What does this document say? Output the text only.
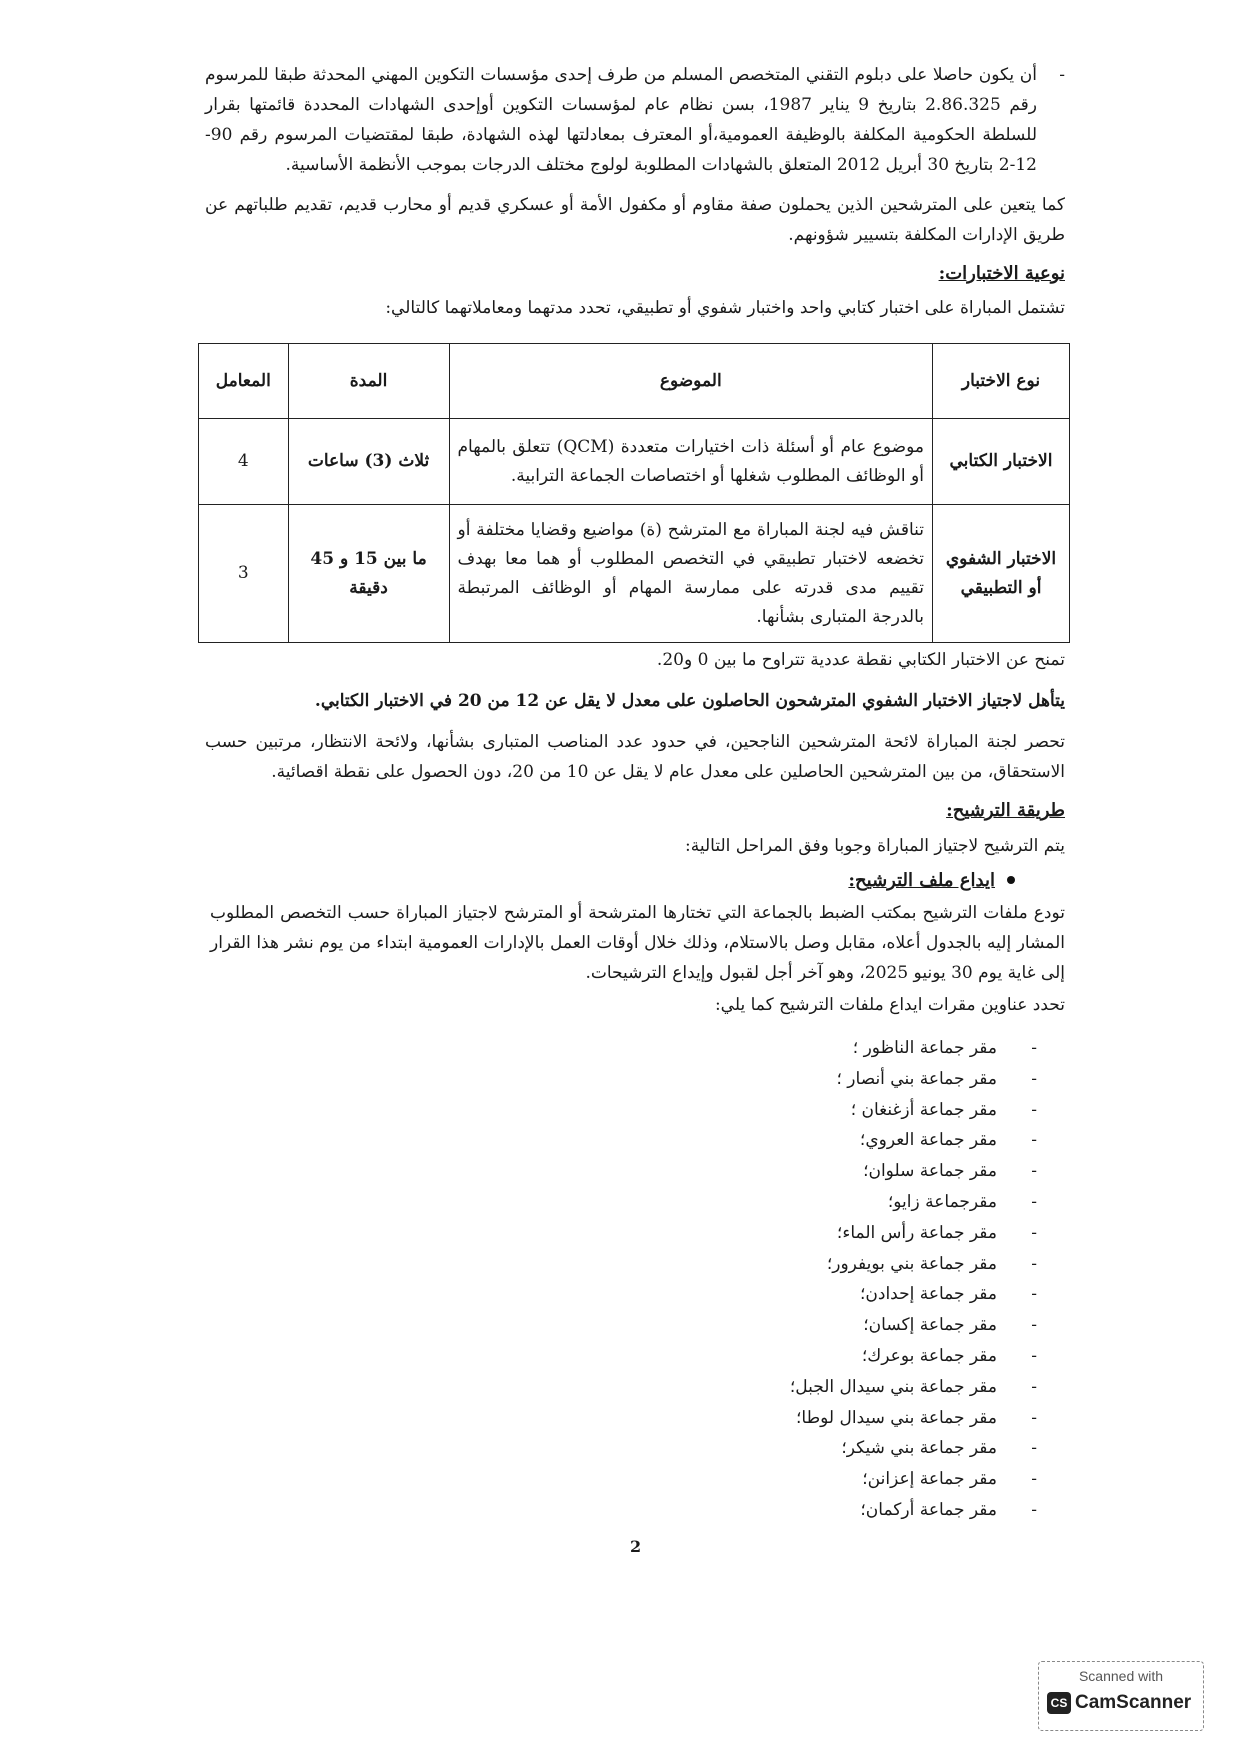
- أن يكون حاصلا على دبلوم التقني المتخصص المسلم من طرف إحدى مؤسسات التكوين المهني المحدثة طبقا للمرسوم رقم 2.86.325 بتاريخ 9 يناير 1987، بسن نظام عام لمؤسسات التكوين أوإحدى الشهادات المحددة قائمتها بقرار للسلطة الحكومية المكلفة بالوظيفة العمومية،أو المعترف بمعادلتها لهذه الشهادة، طبقا لمقتضيات المرسوم رقم 90-12-2 بتاريخ 30 أبريل 2012 المتعلق بالشهادات المطلوبة لولوج مختلف الدرجات بموجب الأنظمة الأساسية.
كما يتعين على المترشحين الذين يحملون صفة مقاوم أو مكفول الأمة أو عسكري قديم أو محارب قديم، تقديم طلباتهم عن طريق الإدارات المكلفة بتسيير شؤونهم.
نوعية الاختبارات:
تشتمل المباراة على اختبار كتابي واحد واختبار شفوي أو تطبيقي، تحدد مدتهما ومعاملاتهما كالتالي:
نوع الاختبار	الموضوع	المدة	المعامل
الاختبار الكتابي	موضوع عام أو أسئلة ذات اختيارات متعددة (QCM) تتعلق بالمهام أو الوظائف المطلوب شغلها أو اختصاصات الجماعة الترابية.	ثلاث (3) ساعات	4
الاختبار الشفوي أو التطبيقي	تناقش فيه لجنة المباراة مع المترشح (ة) مواضيع وقضايا مختلفة أو تخضعه لاختبار تطبيقي في التخصص المطلوب أو هما معا بهدف تقييم مدى قدرته على ممارسة المهام أو الوظائف المرتبطة بالدرجة المتبارى بشأنها.	ما بين 15 و 45 دقيقة	3
تمنح عن الاختبار الكتابي نقطة عددية تتراوح ما بين 0 و20.
يتأهل لاجتياز الاختبار الشفوي المترشحون الحاصلون على معدل لا يقل عن 12 من 20 في الاختبار الكتابي.
تحصر لجنة المباراة لائحة المترشحين الناجحين، في حدود عدد المناصب المتبارى بشأنها، ولائحة الانتظار، مرتبين حسب الاستحقاق، من بين المترشحين الحاصلين على معدل عام لا يقل عن 10 من 20، دون الحصول على نقطة اقصائية.
طريقة الترشيح:
يتم الترشيح لاجتياز المباراة وجوبا وفق المراحل التالية:
ايداع ملف الترشيح:
تودع ملفات الترشيح بمكتب الضبط بالجماعة التي تختارها المترشحة أو المترشح لاجتياز المباراة حسب التخصص المطلوب المشار إليه بالجدول أعلاه، مقابل وصل بالاستلام، وذلك خلال أوقات العمل بالإدارات العمومية ابتداء من يوم نشر هذا القرار إلى غاية يوم 30 يونيو 2025، وهو آخر أجل لقبول وإيداع الترشيحات.
تحدد عناوين مقرات ايداع ملفات الترشيح كما يلي:
- مقر جماعة الناظور ؛
- مقر جماعة بني أنصار ؛
- مقر جماعة أزغنغان ؛
- مقر جماعة العروي؛
- مقر جماعة سلوان؛
- مقرجماعة زايو؛
- مقر جماعة رأس الماء؛
- مقر جماعة بني بويفرور؛
- مقر جماعة إحدادن؛
- مقر جماعة إكسان؛
- مقر جماعة بوعرك؛
- مقر جماعة بني سيدال الجبل؛
- مقر جماعة بني سيدال لوطا؛
- مقر جماعة بني شيكر؛
- مقر جماعة إعزانن؛
- مقر جماعة أركمان؛
2
Scanned with
CS CamScanner
